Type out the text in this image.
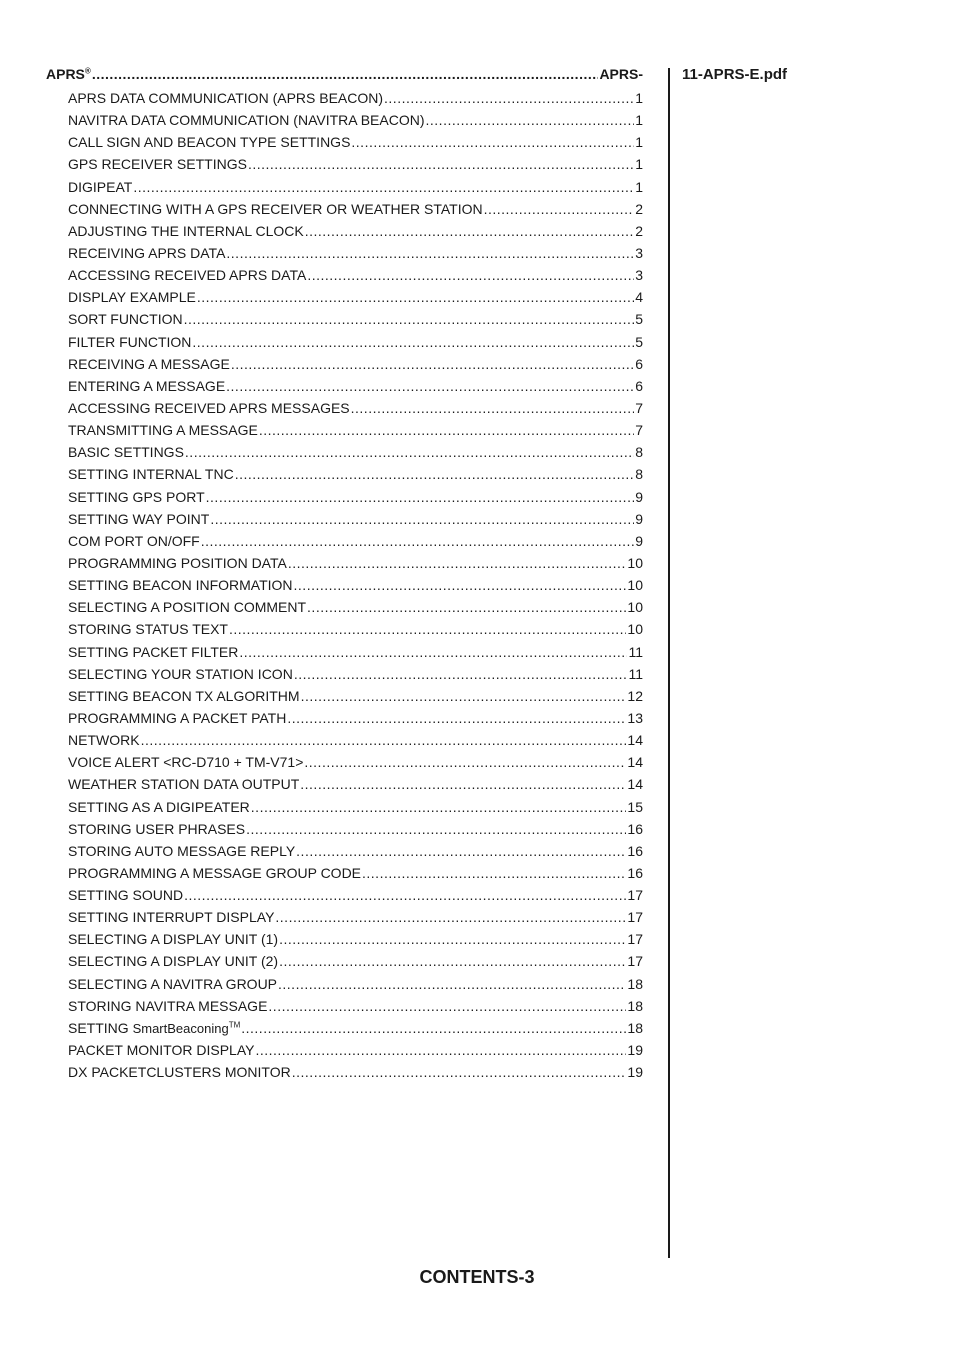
APRS® .....	APRS-
APRS DATA COMMUNICATION (APRS BEACON) .....	1
NAVITRA DATA COMMUNICATION (NAVITRA BEACON) .....	1
CALL SIGN AND BEACON TYPE SETTINGS .....	1
GPS RECEIVER SETTINGS .....	1
DIGIPEAT .....	1
CONNECTING WITH A GPS RECEIVER OR WEATHER STATION .....	2
ADJUSTING THE INTERNAL CLOCK .....	2
RECEIVING APRS DATA .....	3
ACCESSING RECEIVED APRS DATA .....	3
DISPLAY EXAMPLE .....	4
SORT FUNCTION .....	5
FILTER FUNCTION .....	5
RECEIVING A MESSAGE .....	6
ENTERING A MESSAGE .....	6
ACCESSING RECEIVED APRS MESSAGES .....	7
TRANSMITTING A MESSAGE .....	7
BASIC SETTINGS .....	8
SETTING INTERNAL TNC .....	8
SETTING GPS PORT .....	9
SETTING WAY POINT .....	9
COM PORT ON/OFF .....	9
PROGRAMMING POSITION DATA .....	10
SETTING BEACON INFORMATION .....	10
SELECTING A POSITION COMMENT .....	10
STORING STATUS TEXT .....	10
SETTING PACKET FILTER .....	11
SELECTING YOUR STATION ICON .....	11
SETTING BEACON TX ALGORITHM .....	12
PROGRAMMING A PACKET PATH .....	13
NETWORK .....	14
VOICE ALERT <RC-D710 + TM-V71> .....	14
WEATHER STATION DATA OUTPUT .....	14
SETTING AS A DIGIPEATER .....	15
STORING USER PHRASES .....	16
STORING AUTO MESSAGE REPLY .....	16
PROGRAMMING A MESSAGE GROUP CODE .....	16
SETTING SOUND .....	17
SETTING INTERRUPT DISPLAY .....	17
SELECTING A DISPLAY UNIT (1) .....	17
SELECTING A DISPLAY UNIT (2) .....	17
SELECTING A NAVITRA GROUP .....	18
STORING NAVITRA MESSAGE .....	18
SETTING SmartBeaconing™ .....	18
PACKET MONITOR DISPLAY .....	19
DX PACKETCLUSTERS MONITOR .....	19
11-APRS-E.pdf
CONTENTS-3
